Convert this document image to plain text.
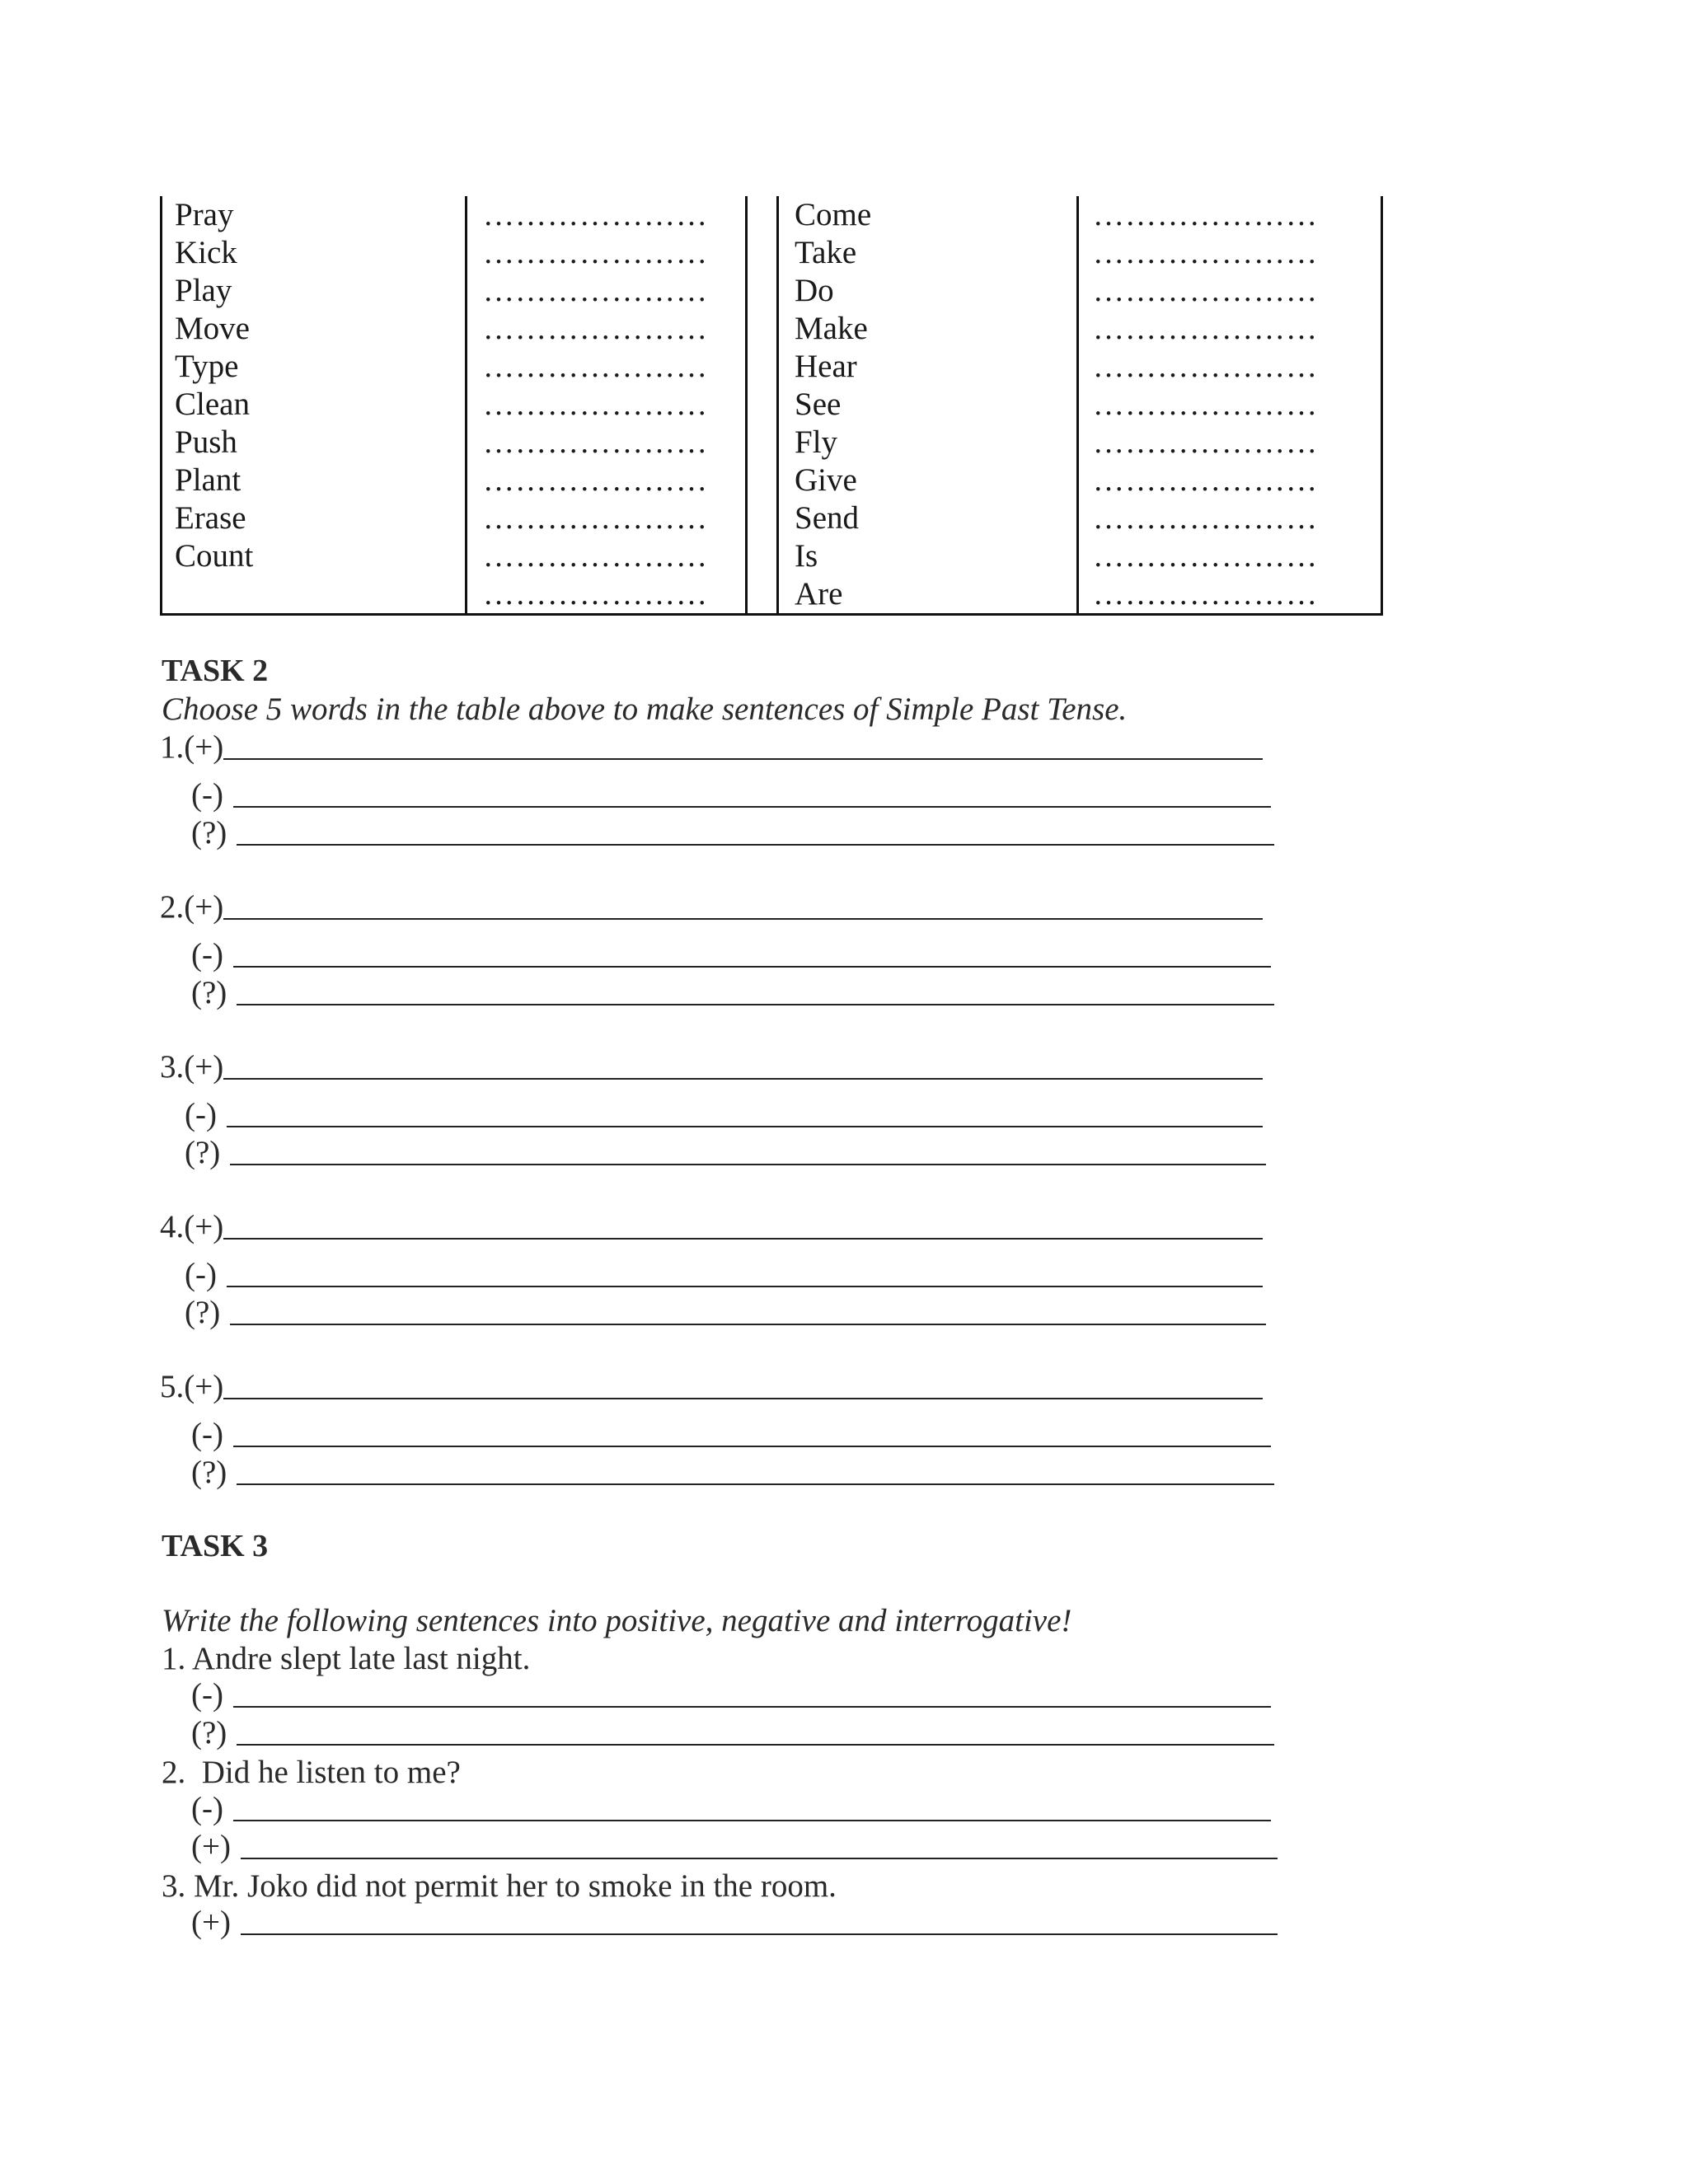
Pray
Kick
Play
Move
Type
Clean
Push
Plant
Erase
Count
…………………
…………………
…………………
…………………
…………………
…………………
…………………
…………………
…………………
…………………
…………………
Come
Take
Do
Make
Hear
See
Fly
Give
Send
Is
Are
…………………
…………………
…………………
…………………
…………………
…………………
…………………
…………………
…………………
…………………
…………………
TASK 2
Choose 5 words in the table above to make sentences of Simple Past Tense.
1.(+)
(-)
(?)
2.(+)
(-)
(?)
3.(+)
(-)
(?)
4.(+)
(-)
(?)
5.(+)
(-)
(?)
TASK 3
Write the following sentences into positive, negative and interrogative!
1. Andre slept late last night.
(-)
(?)
2.  Did he listen to me?
(-)
(+)
3. Mr. Joko did not permit her to smoke in the room.
(+)
